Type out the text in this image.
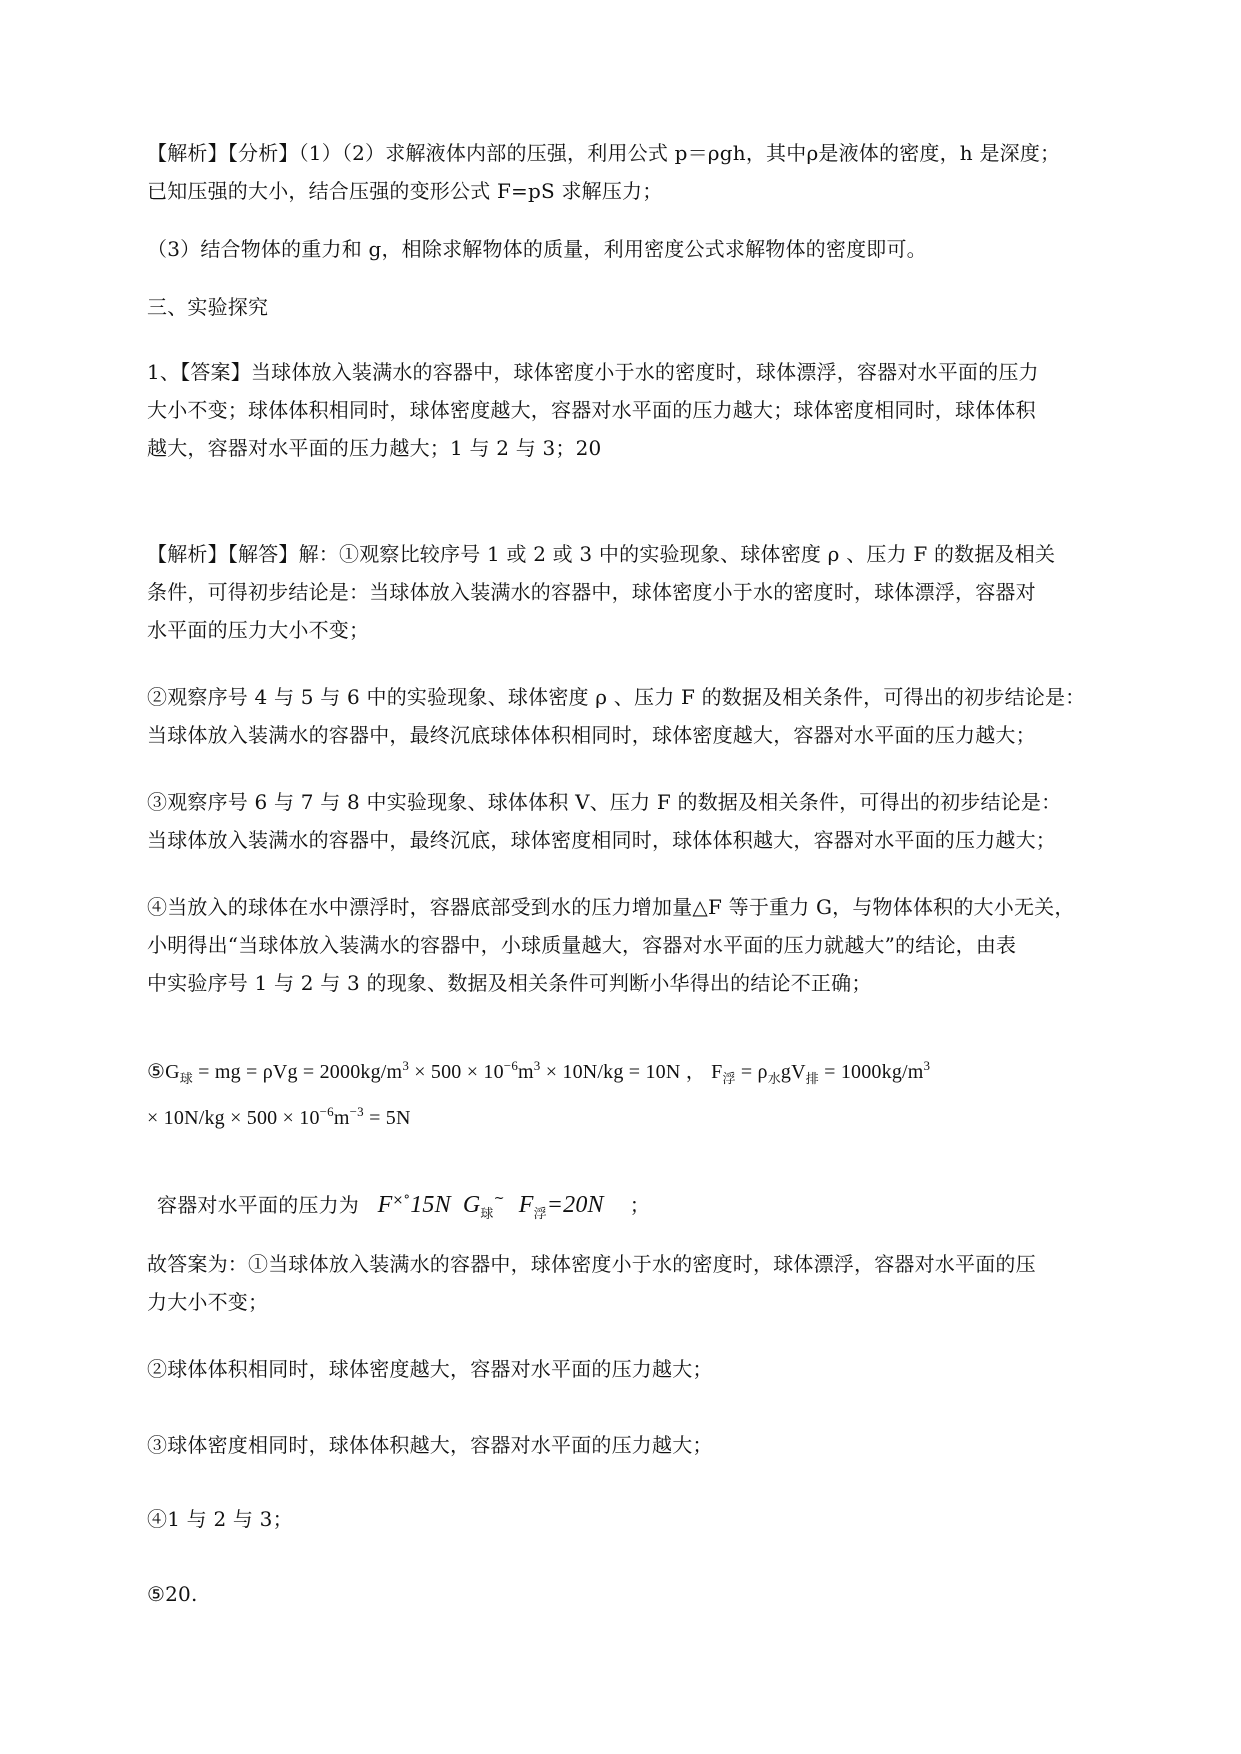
【解析】【分析】（1）（2）求解液体内部的压强，利用公式 p＝ρgh，其中ρ是液体的密度，h 是深度；
已知压强的大小，结合压强的变形公式 F=pS 求解压力；
（3）结合物体的重力和 g，相除求解物体的质量，利用密度公式求解物体的密度即可。
三、实验探究
1、【答案】当球体放入装满水的容器中，球体密度小于水的密度时，球体漂浮，容器对水平面的压力
大小不变；球体体积相同时，球体密度越大，容器对水平面的压力越大；球体密度相同时，球体体积
越大，容器对水平面的压力越大；1 与 2 与 3；20
【解析】【解答】解：①观察比较序号 1 或 2 或 3 中的实验现象、球体密度 ρ 、压力 F 的数据及相关
条件，可得初步结论是：当球体放入装满水的容器中，球体密度小于水的密度时，球体漂浮，容器对
水平面的压力大小不变；
②观察序号 4 与 5 与 6 中的实验现象、球体密度 ρ 、压力 F 的数据及相关条件，可得出的初步结论是：
当球体放入装满水的容器中，最终沉底球体体积相同时，球体密度越大，容器对水平面的压力越大；
③观察序号 6 与 7 与 8 中实验现象、球体体积 V、压力 F 的数据及相关条件，可得出的初步结论是：
当球体放入装满水的容器中，最终沉底，球体密度相同时，球体体积越大，容器对水平面的压力越大；
④当放入的球体在水中漂浮时，容器底部受到水的压力增加量△F 等于重力 G，与物体体积的大小无关，
小明得出“当球体放入装满水的容器中，小球质量越大，容器对水平面的压力就越大”的结论，由表
中实验序号 1 与 2 与 3 的现象、数据及相关条件可判断小华得出的结论不正确；
$⑤G_球$ = mg = $\rho Vg = 2000kg/m^3 \times 500 \times 10^{-6}m^3 \times 10N/kg = 10N$ ， $F_浮 = \rho_水gV_排 = 1000kg/m^3$
× $10N/kg \times 500 \times 10^{-6}m^{-3} = 5N$
容器对水平面的压力为 F×°15N $G_球^\sim$ $F_浮=20N$ ；
故答案为：①当球体放入装满水的容器中，球体密度小于水的密度时，球体漂浮，容器对水平面的压
力大小不变；
②球体体积相同时，球体密度越大，容器对水平面的压力越大；
③球体密度相同时，球体体积越大，容器对水平面的压力越大；
④1 与 2 与 3；
⑤20.
